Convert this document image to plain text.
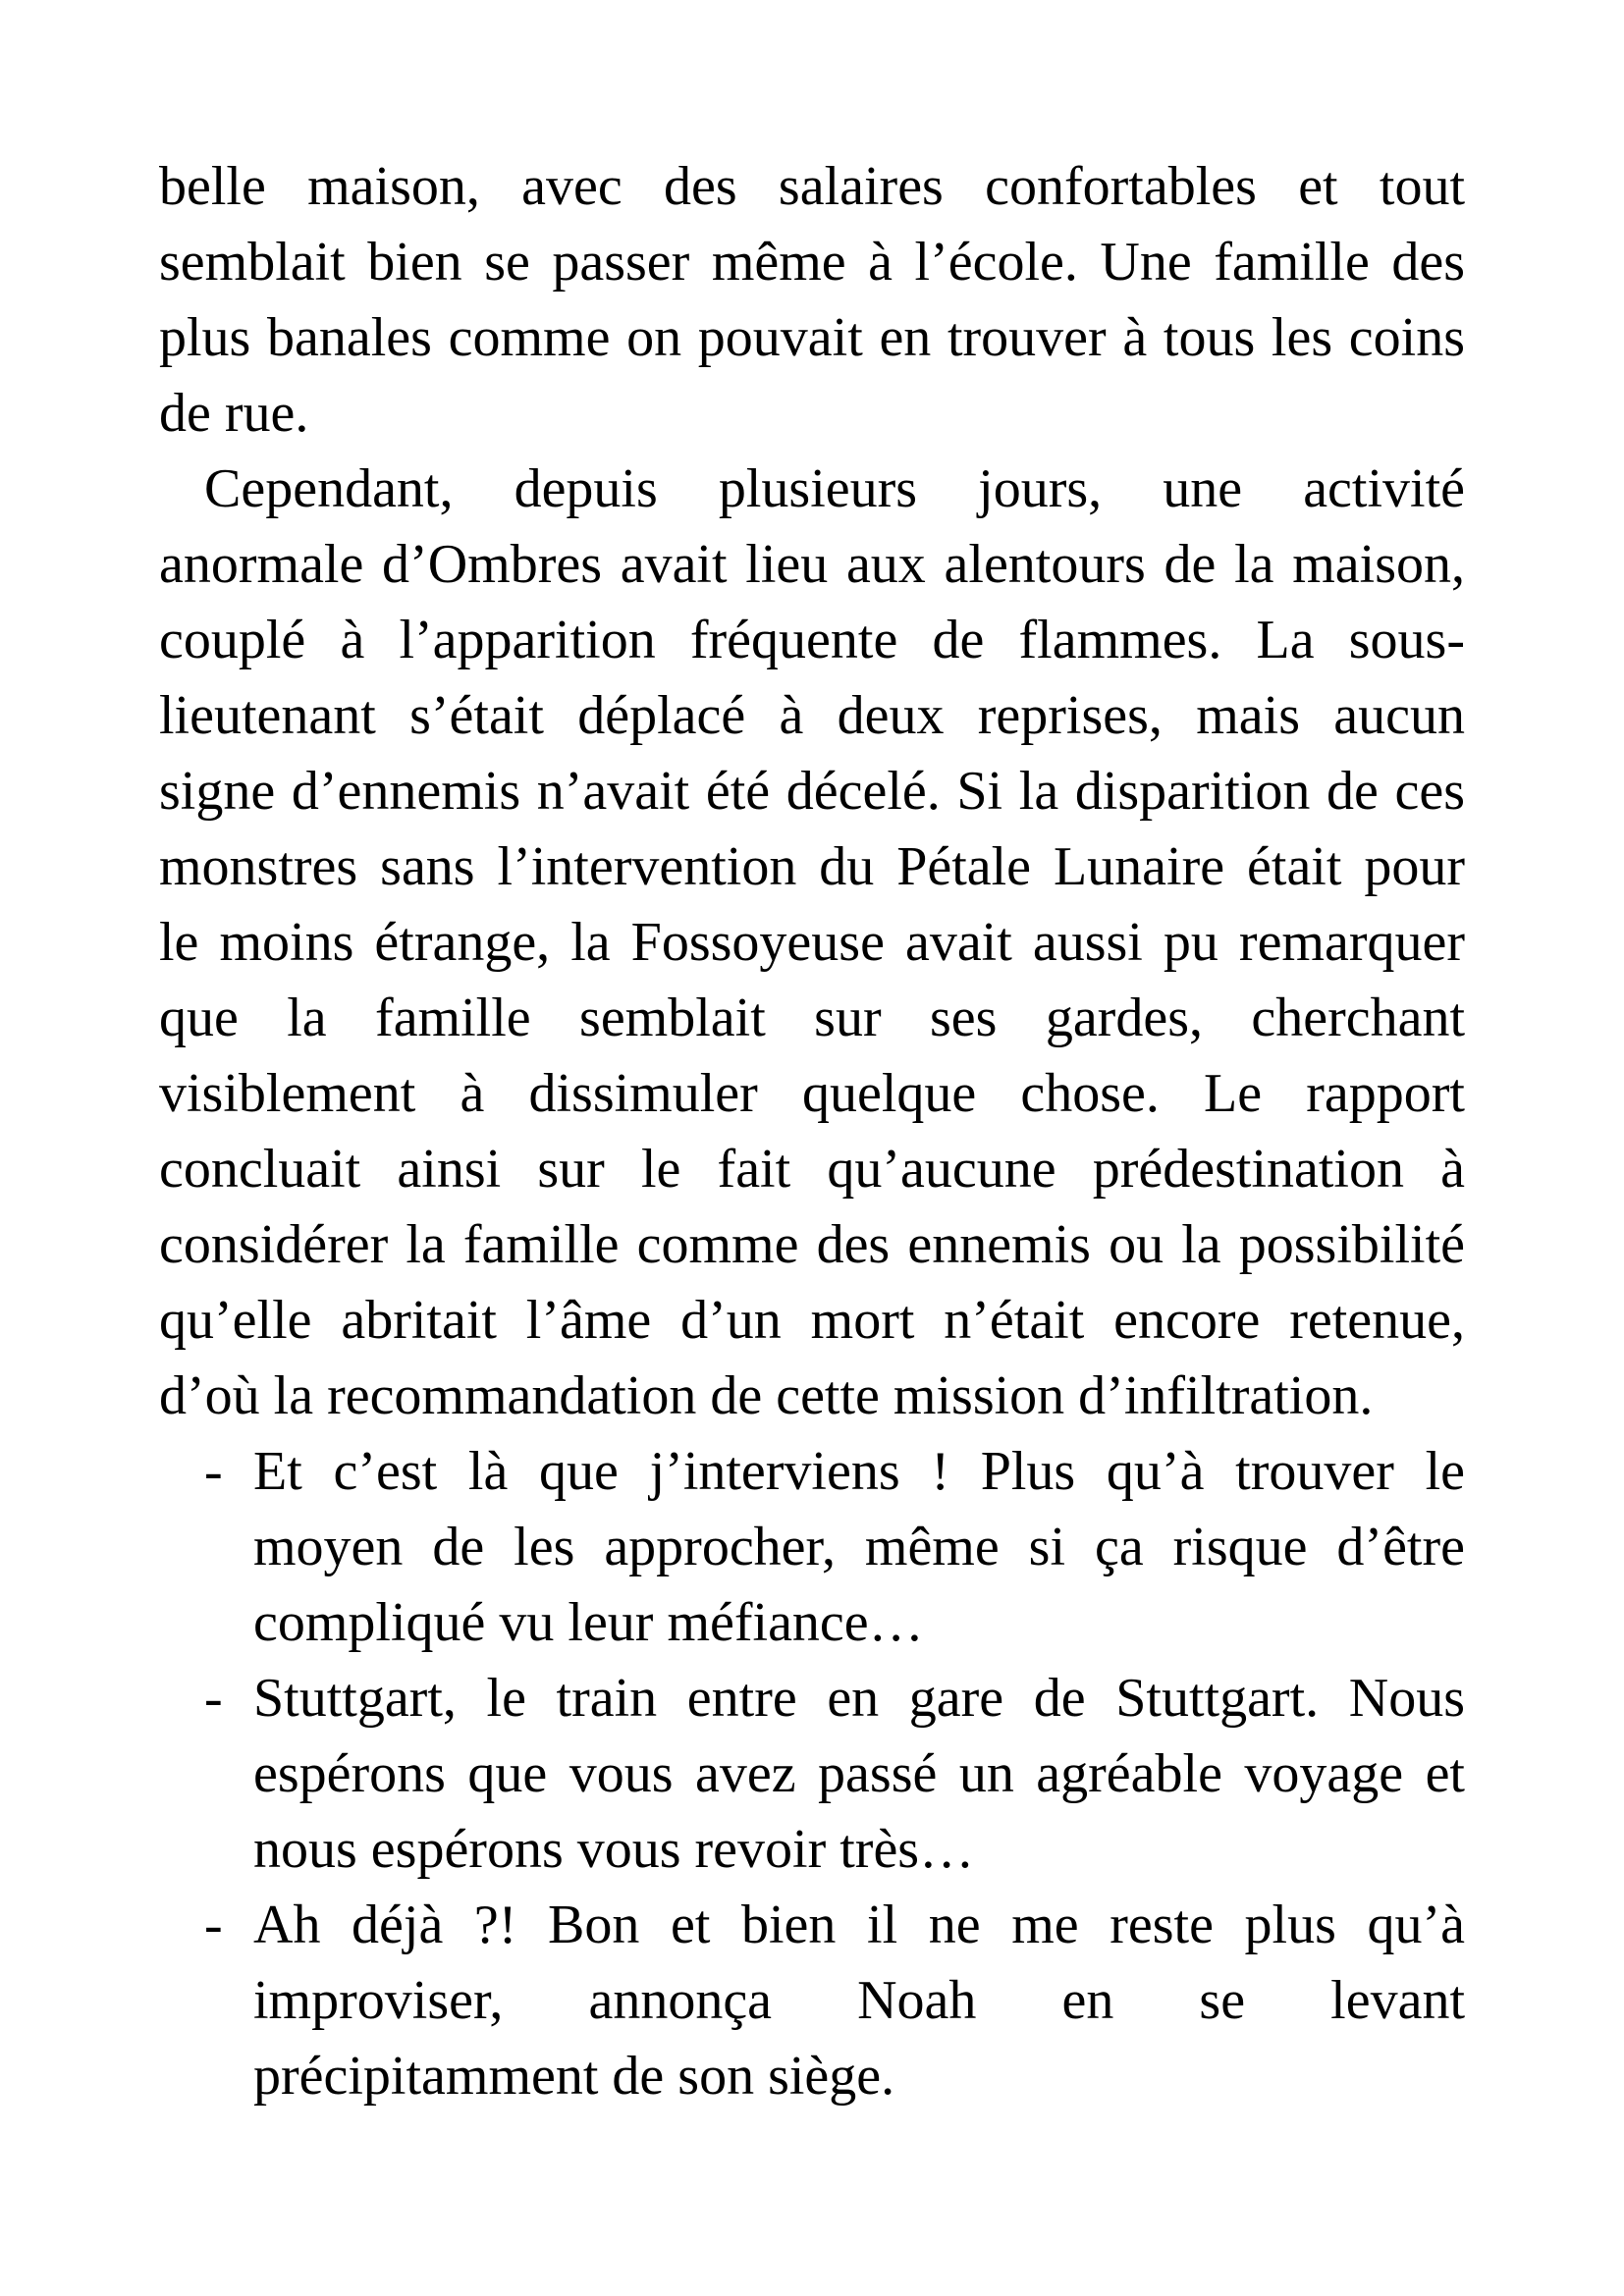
belle maison, avec des salaires confortables et tout
semblait bien se passer même à l’école. Une famille des
plus banales comme on pouvait en trouver à tous les coins
de rue.
Cependant, depuis plusieurs jours, une activité
anormale d’Ombres avait lieu aux alentours de la maison,
couplé à l’apparition fréquente de flammes. La sous-
lieutenant s’était déplacé à deux reprises, mais aucun
signe d’ennemis n’avait été décelé. Si la disparition de ces
monstres sans l’intervention du Pétale Lunaire était pour
le moins étrange, la Fossoyeuse avait aussi pu remarquer
que la famille semblait sur ses gardes, cherchant
visiblement à dissimuler quelque chose. Le rapport
concluait ainsi sur le fait qu’aucune prédestination à
considérer la famille comme des ennemis ou la possibilité
qu’elle abritait l’âme d’un mort n’était encore retenue,
d’où la recommandation de cette mission d’infiltration.
- Et c’est là que j’interviens ! Plus qu’à trouver le
moyen de les approcher, même si ça risque d’être
compliqué vu leur méfiance…
- Stuttgart, le train entre en gare de Stuttgart. Nous
espérons que vous avez passé un agréable voyage et
nous espérons vous revoir très…
- Ah déjà ?! Bon et bien il ne me reste plus qu’à
improviser, annonça Noah en se levant
précipitamment de son siège.
